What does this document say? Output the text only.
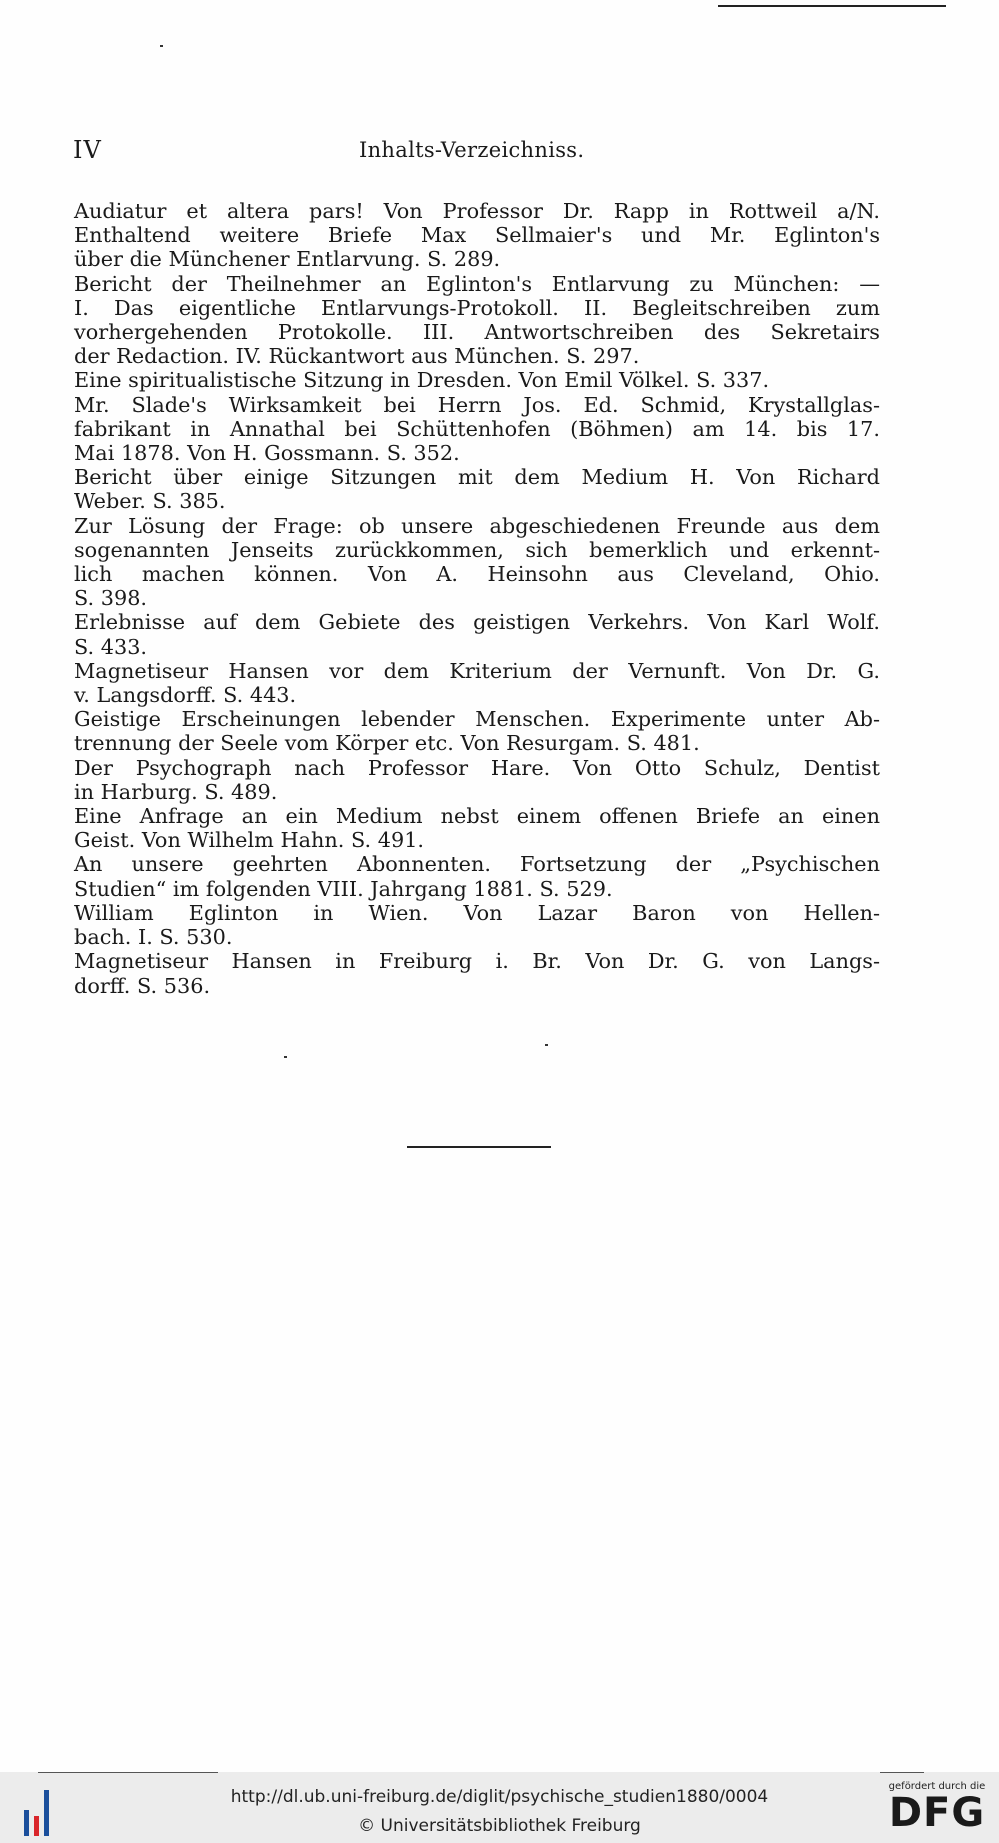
IV	Inhalts-Verzeichniss.
Audiatur et altera pars! Von Professor Dr. Rapp in Rottweil a/N.
Enthaltend weitere Briefe Max Sellmaier's und Mr. Eglinton's
über die Münchener Entlarvung. S. 289.
Bericht der Theilnehmer an Eglinton's Entlarvung zu München: —
I. Das eigentliche Entlarvungs-Protokoll. II. Begleitschreiben zum
vorhergehenden Protokolle. III. Antwortschreiben des Sekretairs
der Redaction. IV. Rückantwort aus München. S. 297.
Eine spiritualistische Sitzung in Dresden. Von Emil Völkel. S. 337.
Mr. Slade's Wirksamkeit bei Herrn Jos. Ed. Schmid, Krystallglas-
fabrikant in Annathal bei Schüttenhofen (Böhmen) am 14. bis 17.
Mai 1878. Von H. Gossmann. S. 352.
Bericht über einige Sitzungen mit dem Medium H. Von Richard
Weber. S. 385.
Zur Lösung der Frage: ob unsere abgeschiedenen Freunde aus dem
sogenannten Jenseits zurückkommen, sich bemerklich und erkennt-
lich machen können. Von A. Heinsohn aus Cleveland, Ohio.
S. 398.
Erlebnisse auf dem Gebiete des geistigen Verkehrs. Von Karl Wolf.
S. 433.
Magnetiseur Hansen vor dem Kriterium der Vernunft. Von Dr. G.
v. Langsdorff. S. 443.
Geistige Erscheinungen lebender Menschen. Experimente unter Ab-
trennung der Seele vom Körper etc. Von Resurgam. S. 481.
Der Psychograph nach Professor Hare. Von Otto Schulz, Dentist
in Harburg. S. 489.
Eine Anfrage an ein Medium nebst einem offenen Briefe an einen
Geist. Von Wilhelm Hahn. S. 491.
An unsere geehrten Abonnenten. Fortsetzung der „Psychischen
Studien“ im folgenden VIII. Jahrgang 1881. S. 529.
William Eglinton in Wien. Von Lazar Baron von Hellen-
bach. I. S. 530.
Magnetiseur Hansen in Freiburg i. Br. Von Dr. G. von Langs-
dorff. S. 536.
http://dl.ub.uni-freiburg.de/diglit/psychische_studien1880/0004
© Universitätsbibliothek Freiburg
gefördert durch die
DFG
